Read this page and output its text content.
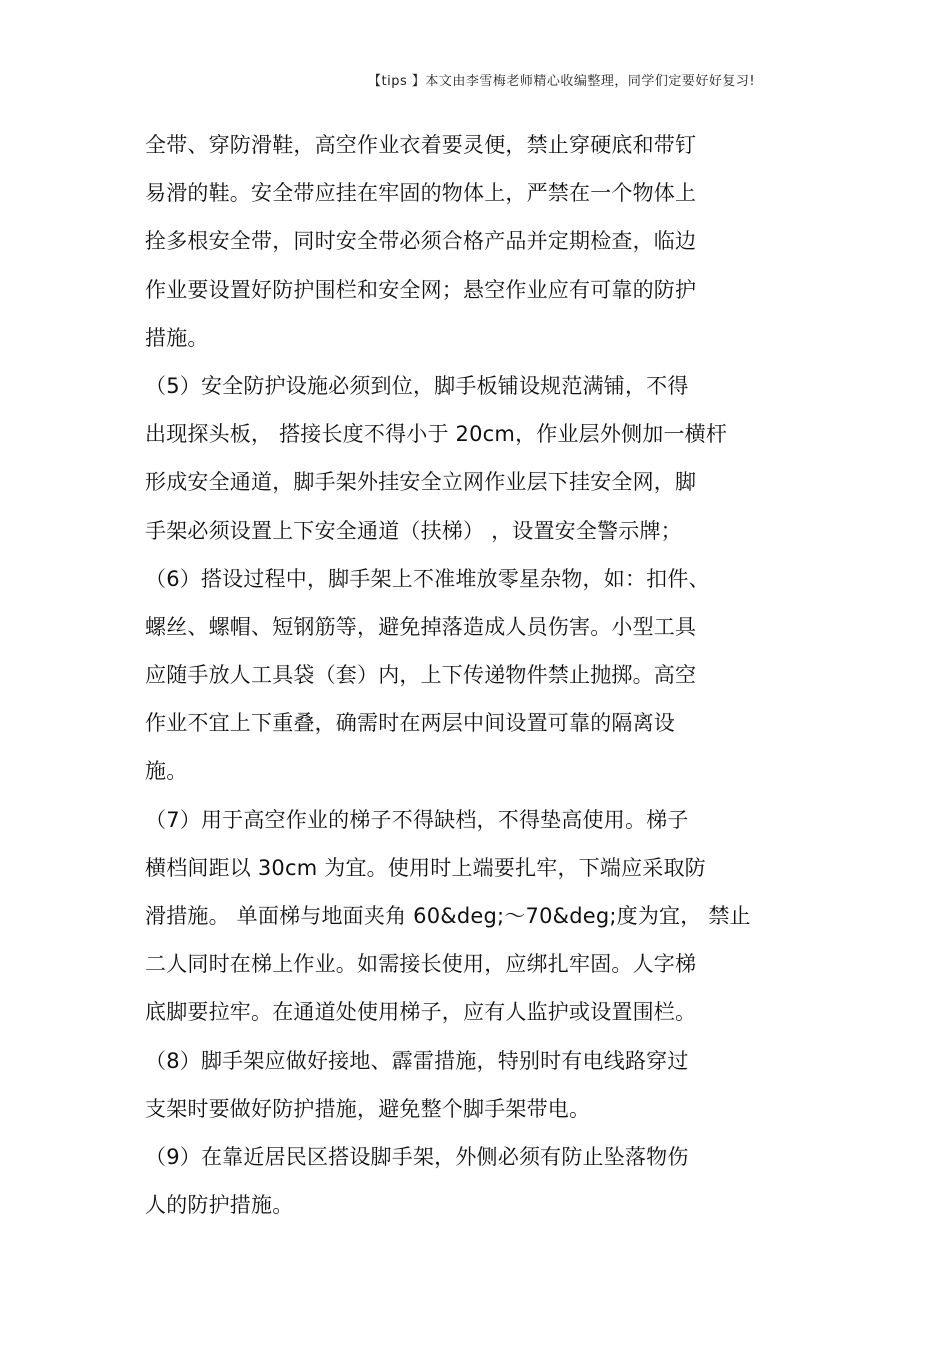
【tips 】本文由李雪梅老师精心收编整理，同学们定要好好复习!
全带、穿防滑鞋，高空作业衣着要灵便，禁止穿硬底和带钉
易滑的鞋。安全带应挂在牢固的物体上，严禁在一个物体上
拴多根安全带，同时安全带必须合格产品并定期检查，临边
作业要设置好防护围栏和安全网；悬空作业应有可靠的防护
措施。
（5）安全防护设施必须到位，脚手板铺设规范满铺，不得
出现探头板， 搭接长度不得小于 20cm，作业层外侧加一横杆
形成安全通道，脚手架外挂安全立网作业层下挂安全网，脚
手架必须设置上下安全通道（扶梯） ，设置安全警示牌；
（6）搭设过程中，脚手架上不准堆放零星杂物，如：扣件、
螺丝、螺帽、短钢筋等，避免掉落造成人员伤害。小型工具
应随手放人工具袋（套）内，上下传递物件禁止抛掷。高空
作业不宜上下重叠，确需时在两层中间设置可靠的隔离设
施。
（7）用于高空作业的梯子不得缺档，不得垫高使用。梯子
横档间距以 30cm 为宜。使用时上端要扎牢，下端应采取防
滑措施。 单面梯与地面夹角 60&deg;～70&deg;度为宜， 禁止
二人同时在梯上作业。如需接长使用，应绑扎牢固。人字梯
底脚要拉牢。在通道处使用梯子，应有人监护或设置围栏。
（8）脚手架应做好接地、霹雷措施，特别时有电线路穿过
支架时要做好防护措施，避免整个脚手架带电。
（9）在靠近居民区搭设脚手架，外侧必须有防止坠落物伤
人的防护措施。
